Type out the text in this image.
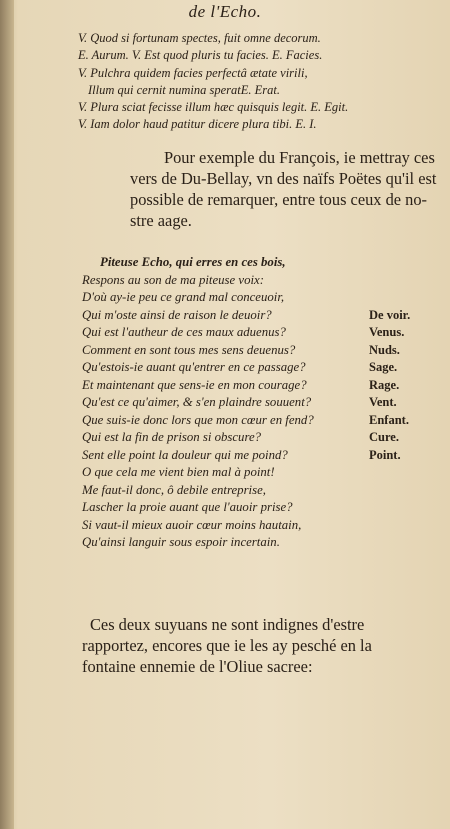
de l'Echo.
V. Quod si fortunam spectes, fuit omne decorum.
E. Aurum. V. Est quod pluris tu facies. E. Facies.
V. Pulchra quidem facies perfectâ ætate virili,
Illum qui cernit numina speratE. Erat.
V. Plura sciat fecisse illum hæc quisquis legit. E. Egit.
V. Iam dolor haud patitur dicere plura tibi. E. I.
Pour exemple du François, ie mettray ces
vers de Du-Bellay, vn des naïfs Poëtes qu'il est
possible de remarquer, entre tous ceux de no-
stre aage.
Piteuse Echo, qui erres en ces bois,
Respons au son de ma piteuse voix:
D'où ay-ie peu ce grand mal conceuoir,
Qui m'oste ainsi de raison le deuoir?	De voir.
Qui est l'autheur de ces maux aduenus?	Venus.
Comment en sont tous mes sens deuenus?	Nuds.
Qu'estois-ie auant qu'entrer en ce passage?	Sage.
Et maintenant que sens-ie en mon courage?	Rage.
Qu'est ce qu'aimer, & s'en plaindre souuent?	Vent.
Que suis-ie donc lors que mon cœur en fend?	Enfant.
Qui est la fin de prison si obscure?	Cure.
Sent elle point la douleur qui me poind?	Point.
O que cela me vient bien mal à point!
Me faut-il donc, ô debile entreprise,
Lascher la proie auant que l'auoir prise?
Si vaut-il mieux auoir cœur moins hautain,
Qu'ainsi languir sous espoir incertain.
Ces deux suyuans ne sont indignes d'estre
rapportez, encores que ie les ay pesché en la
fontaine ennemie de l'Oliue sacree:
